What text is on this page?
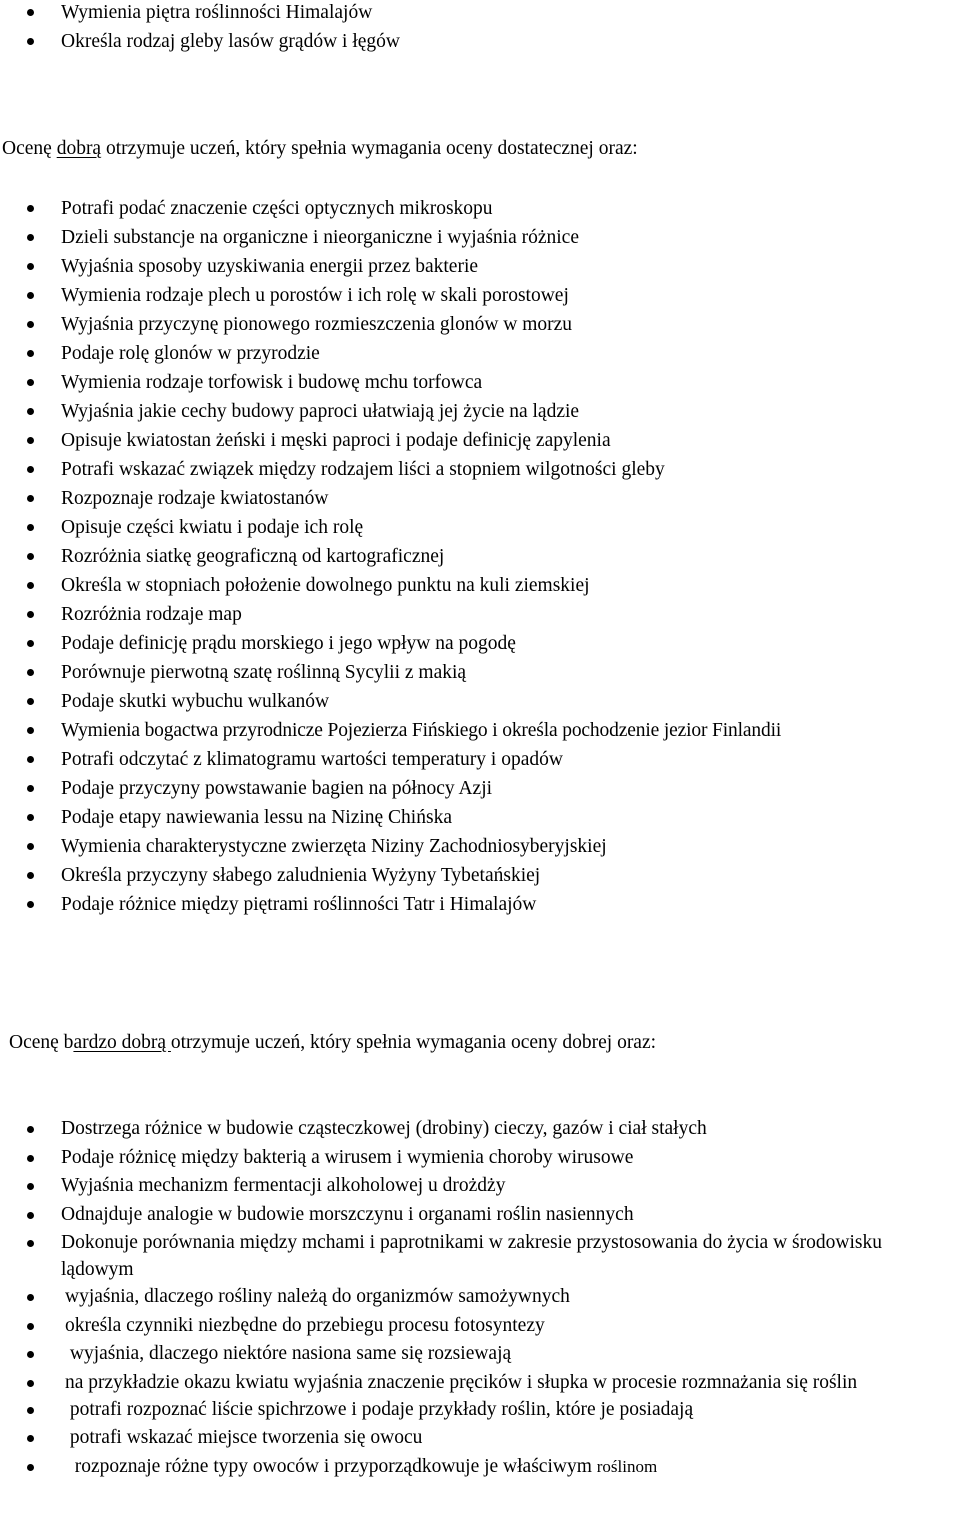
Wymienia piętra roślinności Himalajów
Określa rodzaj gleby lasów grądów i łęgów
Ocenę dobrą otrzymuje uczeń, który spełnia wymagania oceny dostatecznej oraz:
Potrafi podać znaczenie części optycznych mikroskopu
Dzieli substancje na organiczne i nieorganiczne i wyjaśnia różnice
Wyjaśnia sposoby uzyskiwania energii przez bakterie
Wymienia rodzaje plech u porostów i ich rolę w skali porostowej
Wyjaśnia przyczynę pionowego rozmieszczenia glonów w morzu
Podaje rolę glonów w przyrodzie
Wymienia rodzaje torfowisk i budowę mchu torfowca
Wyjaśnia jakie cechy budowy paproci ułatwiają jej życie na lądzie
Opisuje kwiatostan żeński i męski paproci i podaje definicję zapylenia
Potrafi wskazać związek między rodzajem liści a stopniem wilgotności gleby
Rozpoznaje rodzaje kwiatostanów
Opisuje części kwiatu i podaje ich rolę
Rozróżnia siatkę geograficzną od kartograficznej
Określa w stopniach położenie dowolnego punktu na kuli ziemskiej
Rozróżnia rodzaje map
Podaje definicję prądu morskiego i jego wpływ na pogodę
Porównuje pierwotną szatę roślinną Sycylii z makią
Podaje skutki wybuchu wulkanów
Wymienia bogactwa przyrodnicze Pojezierza Fińskiego i określa pochodzenie jezior Finlandii
Potrafi odczytać z klimatogramu wartości temperatury i opadów
Podaje przyczyny powstawanie bagien na północy Azji
Podaje etapy nawiewania lessu na Nizinę Chińska
Wymienia charakterystyczne zwierzęta Niziny Zachodniosyberyjskiej
Określa przyczyny słabego zaludnienia Wyżyny Tybetańskiej
Podaje różnice między piętrami roślinności Tatr i Himalajów
Ocenę bardzo dobrą otrzymuje uczeń, który spełnia wymagania oceny dobrej oraz:
Dostrzega różnice w budowie cząsteczkowej (drobiny) cieczy, gazów i ciał stałych
Podaje różnicę między bakterią a wirusem i wymienia choroby wirusowe
Wyjaśnia mechanizm fermentacji alkoholowej u drożdży
Odnajduje analogie w budowie morszczynu i organami roślin nasiennych
Dokonuje porównania między mchami i paprotnikami w zakresie przystosowania do życia w środowisku lądowym
wyjaśnia, dlaczego rośliny należą do organizmów samożywnych
określa czynniki niezbędne do przebiegu procesu fotosyntezy
wyjaśnia, dlaczego niektóre nasiona same się rozsiewają
na przykładzie okazu kwiatu wyjaśnia znaczenie pręcików i słupka w procesie rozmnażania się roślin
potrafi rozpoznać liście spichrzowe i podaje przykłady roślin, które je posiadają
potrafi wskazać miejsce tworzenia się owocu
rozpoznaje różne typy owoców i przyporządkowuje je właściwym roślinom
